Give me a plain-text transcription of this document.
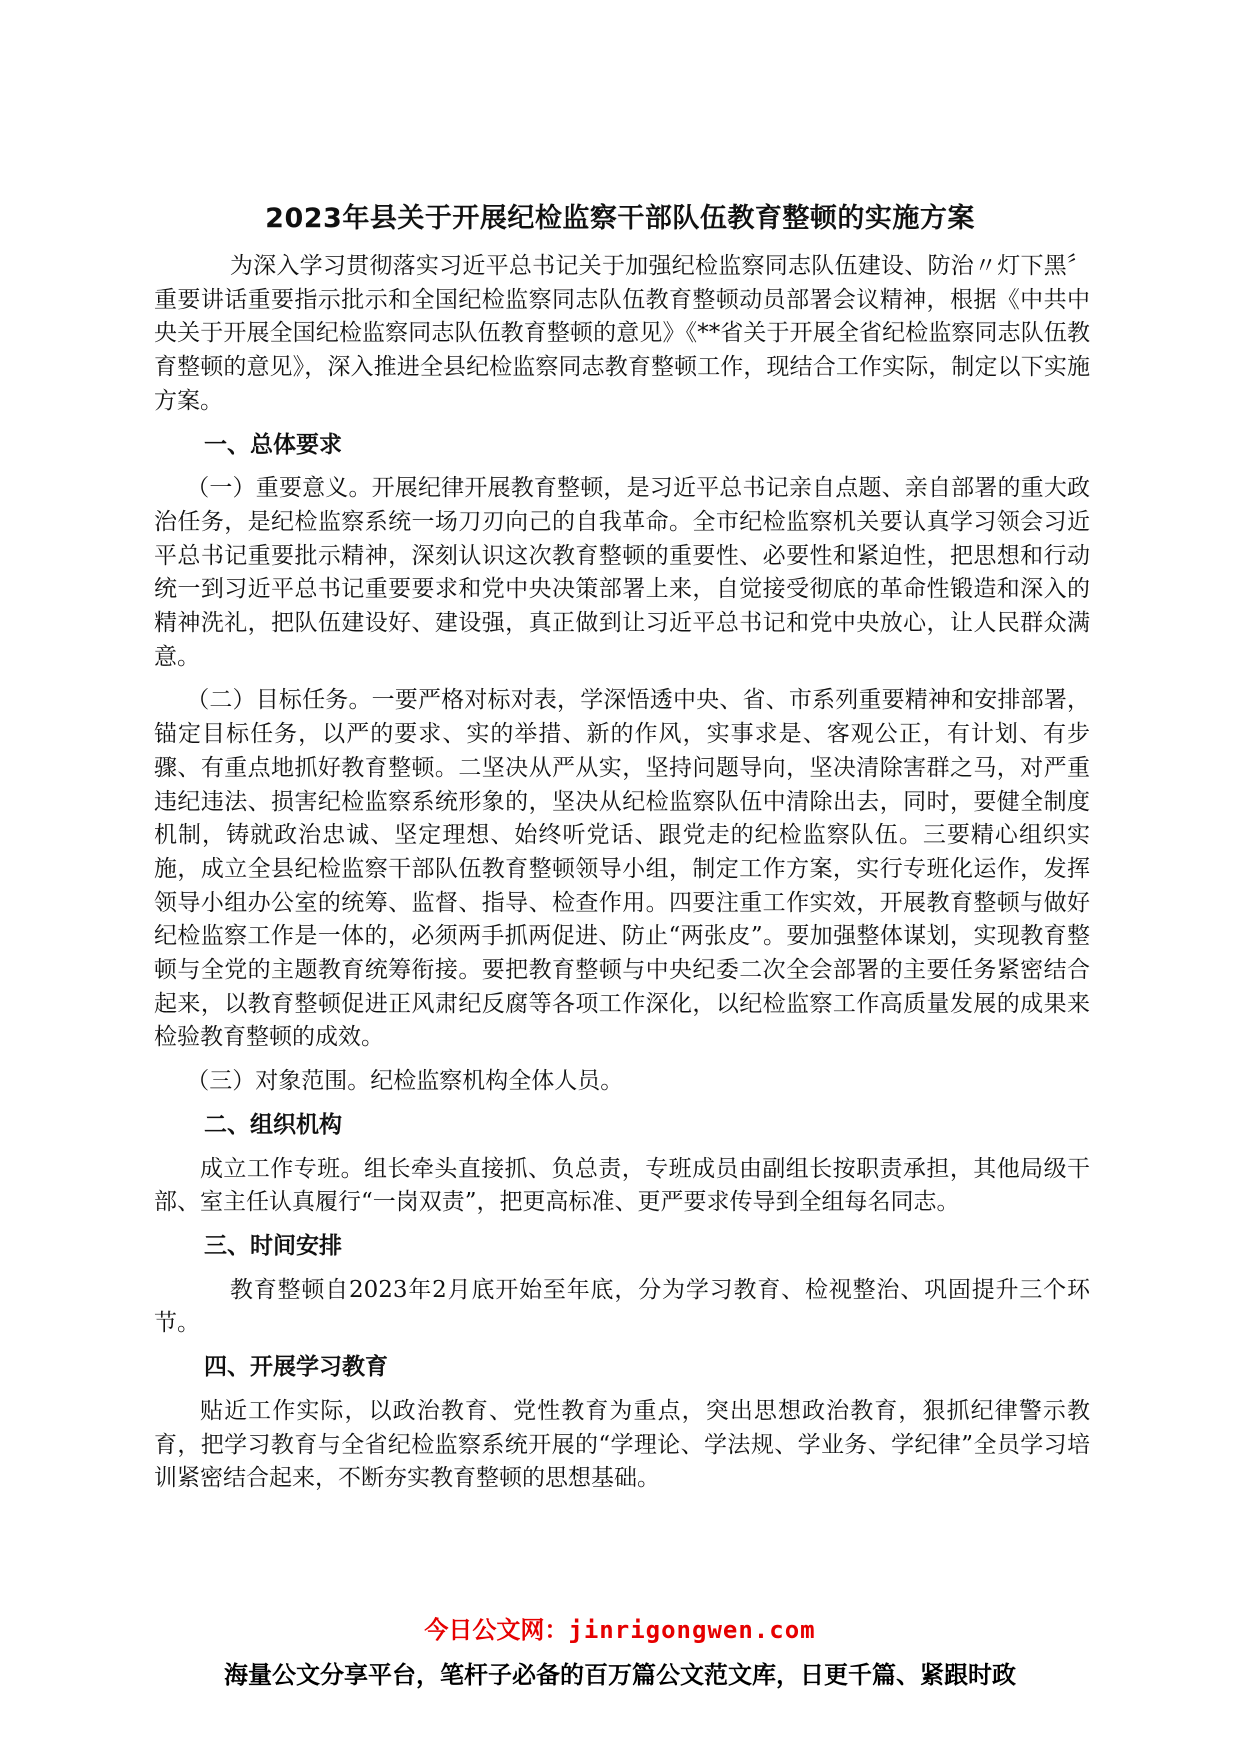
2023年县关于开展纪检监察干部队伍教育整顿的实施方案

为深入学习贯彻落实习近平总书记关于加强纪检监察同志队伍建设、防治〃灯下黑〞重要讲话重要指示批示和全国纪检监察同志队伍教育整顿动员部署会议精神，根据《中共中央关于开展全国纪检监察同志队伍教育整顿的意见》《**省关于开展全省纪检监察同志队伍教育整顿的意见》，深入推进全县纪检监察同志教育整顿工作，现结合工作实际，制定以下实施方案。

一、总体要求

（一）重要意义。开展纪律开展教育整顿，是习近平总书记亲自点题、亲自部署的重大政治任务，是纪检监察系统一场刀刃向己的自我革命。全市纪检监察机关要认真学习领会习近平总书记重要批示精神，深刻认识这次教育整顿的重要性、必要性和紧迫性，把思想和行动统一到习近平总书记重要要求和党中央决策部署上来，自觉接受彻底的革命性锻造和深入的精神洗礼，把队伍建设好、建设强，真正做到让习近平总书记和党中央放心，让人民群众满意。

（二）目标任务。一要严格对标对表，学深悟透中央、省、市系列重要精神和安排部署，锚定目标任务，以严的要求、实的举措、新的作风，实事求是、客观公正，有计划、有步骤、有重点地抓好教育整顿。二坚决从严从实，坚持问题导向，坚决清除害群之马，对严重违纪违法、损害纪检监察系统形象的，坚决从纪检监察队伍中清除出去，同时，要健全制度机制，铸就政治忠诚、坚定理想、始终听党话、跟党走的纪检监察队伍。三要精心组织实施，成立全县纪检监察干部队伍教育整顿领导小组，制定工作方案，实行专班化运作，发挥领导小组办公室的统筹、监督、指导、检查作用。四要注重工作实效，开展教育整顿与做好纪检监察工作是一体的，必须两手抓两促进、防止“两张皮”。要加强整体谋划，实现教育整顿与全党的主题教育统筹衔接。要把教育整顿与中央纪委二次全会部署的主要任务紧密结合起来，以教育整顿促进正风肃纪反腐等各项工作深化，以纪检监察工作高质量发展的成果来检验教育整顿的成效。

（三）对象范围。纪检监察机构全体人员。

二、组织机构

成立工作专班。组长牵头直接抓、负总责，专班成员由副组长按职责承担，其他局级干部、室主任认真履行“一岗双责”，把更高标准、更严要求传导到全组每名同志。

三、时间安排

教育整顿自2023年2月底开始至年底，分为学习教育、检视整治、巩固提升三个环节。

四、开展学习教育

贴近工作实际，以政治教育、党性教育为重点，突出思想政治教育，狠抓纪律警示教育，把学习教育与全省纪检监察系统开展的“学理论、学法规、学业务、学纪律”全员学习培训紧密结合起来，不断夯实教育整顿的思想基础。

今日公文网：jinrigongwen.com
海量公文分享平台，笔杆子必备的百万篇公文范文库，日更千篇、紧跟时政
